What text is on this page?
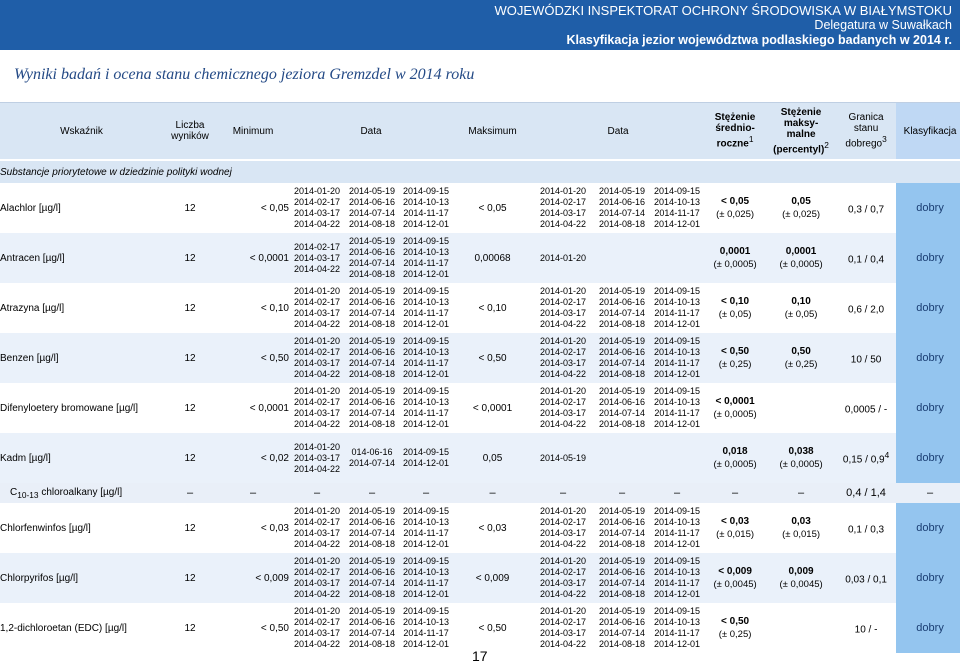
WOJEWÓDZKI INSPEKTORAT OCHRONY ŚRODOWISKA W BIAŁYMSTOKU
Delegatura w Suwałkach
Klasyfikacja jezior województwa podlaskiego badanych w 2014 r.
Wyniki badań i ocena stanu chemicznego jeziora Gremzdel w 2014 roku
Wskaźnik	Liczba wyników	Minimum	Data			Maksimum	Data			Stężenie średnio-
roczne$^1$	Stężenie maksy-
malne
(percentyl)$^2$	Granica
stanu
dobrego$^3$	Klasyfikacja
Substancje priorytetowe w dziedzinie polityki wodnej													
Alachlor [µg/l]	12	< 0,05	2014-01-20
2014-02-17
2014-03-17
2014-04-22	2014-05-19
2014-06-16
2014-07-14
2014-08-18	2014-09-15
2014-10-13
2014-11-17
2014-12-01	< 0,05	2014-01-20
2014-02-17
2014-03-17
2014-04-22	2014-05-19
2014-06-16
2014-07-14
2014-08-18	2014-09-15
2014-10-13
2014-11-17
2014-12-01	< 0,05
(± 0,025)	0,05
(± 0,025)	0,3 / 0,7	dobry
Antracen [µg/l]	12	< 0,0001	2014-02-17
2014-03-17
2014-04-22	2014-05-19
2014-06-16
2014-07-14
2014-08-18	2014-09-15
2014-10-13
2014-11-17
2014-12-01	0,00068	2014-01-20			0,0001
(± 0,0005)	0,0001
(± 0,0005)	0,1 / 0,4	dobry
Atrazyna [µg/l]	12	< 0,10	2014-01-20
2014-02-17
2014-03-17
2014-04-22	2014-05-19
2014-06-16
2014-07-14
2014-08-18	2014-09-15
2014-10-13
2014-11-17
2014-12-01	< 0,10	2014-01-20
2014-02-17
2014-03-17
2014-04-22	2014-05-19
2014-06-16
2014-07-14
2014-08-18	2014-09-15
2014-10-13
2014-11-17
2014-12-01	< 0,10
(± 0,05)	0,10
(± 0,05)	0,6 / 2,0	dobry
Benzen [µg/l]	12	< 0,50	2014-01-20
2014-02-17
2014-03-17
2014-04-22	2014-05-19
2014-06-16
2014-07-14
2014-08-18	2014-09-15
2014-10-13
2014-11-17
2014-12-01	< 0,50	2014-01-20
2014-02-17
2014-03-17
2014-04-22	2014-05-19
2014-06-16
2014-07-14
2014-08-18	2014-09-15
2014-10-13
2014-11-17
2014-12-01	< 0,50
(± 0,25)	0,50
(± 0,25)	10 / 50	dobry
Difenyloetery bromowane [µg/l]	12	< 0,0001	2014-01-20
2014-02-17
2014-03-17
2014-04-22	2014-05-19
2014-06-16
2014-07-14
2014-08-18	2014-09-15
2014-10-13
2014-11-17
2014-12-01	< 0,0001	2014-01-20
2014-02-17
2014-03-17
2014-04-22	2014-05-19
2014-06-16
2014-07-14
2014-08-18	2014-09-15
2014-10-13
2014-11-17
2014-12-01	< 0,0001
(± 0,0005)		0,0005 / -	dobry
Kadm [µg/l]	12	< 0,02	2014-01-20
2014-03-17
2014-04-22	014-06-16
2014-07-14	2014-09-15
2014-12-01	0,05	2014-05-19			0,018
(± 0,0005)	0,038
(± 0,0005)	$0,15 / 0,9^4$	dobry
$C_{10-13}$ chloroalkany [µg/l]	–	–	–	–	–	–	–	–	–	–	–	0,4 / 1,4	–
Chlorfenwinfos [µg/l]	12	< 0,03	2014-01-20
2014-02-17
2014-03-17
2014-04-22	2014-05-19
2014-06-16
2014-07-14
2014-08-18	2014-09-15
2014-10-13
2014-11-17
2014-12-01	< 0,03	2014-01-20
2014-02-17
2014-03-17
2014-04-22	2014-05-19
2014-06-16
2014-07-14
2014-08-18	2014-09-15
2014-10-13
2014-11-17
2014-12-01	< 0,03
(± 0,015)	0,03
(± 0,015)	0,1 / 0,3	dobry
Chlorpyrifos [µg/l]	12	< 0,009	2014-01-20
2014-02-17
2014-03-17
2014-04-22	2014-05-19
2014-06-16
2014-07-14
2014-08-18	2014-09-15
2014-10-13
2014-11-17
2014-12-01	< 0,009	2014-01-20
2014-02-17
2014-03-17
2014-04-22	2014-05-19
2014-06-16
2014-07-14
2014-08-18	2014-09-15
2014-10-13
2014-11-17
2014-12-01	< 0,009
(± 0,0045)	0,009
(± 0,0045)	0,03 / 0,1	dobry
1,2-dichloroetan (EDC) [µg/l]	12	< 0,50	2014-01-20
2014-02-17
2014-03-17
2014-04-22	2014-05-19
2014-06-16
2014-07-14
2014-08-18	2014-09-15
2014-10-13
2014-11-17
2014-12-01	< 0,50	2014-01-20
2014-02-17
2014-03-17
2014-04-22	2014-05-19
2014-06-16
2014-07-14
2014-08-18	2014-09-15
2014-10-13
2014-11-17
2014-12-01	< 0,50
(± 0,25)		10 / -	dobry
17
